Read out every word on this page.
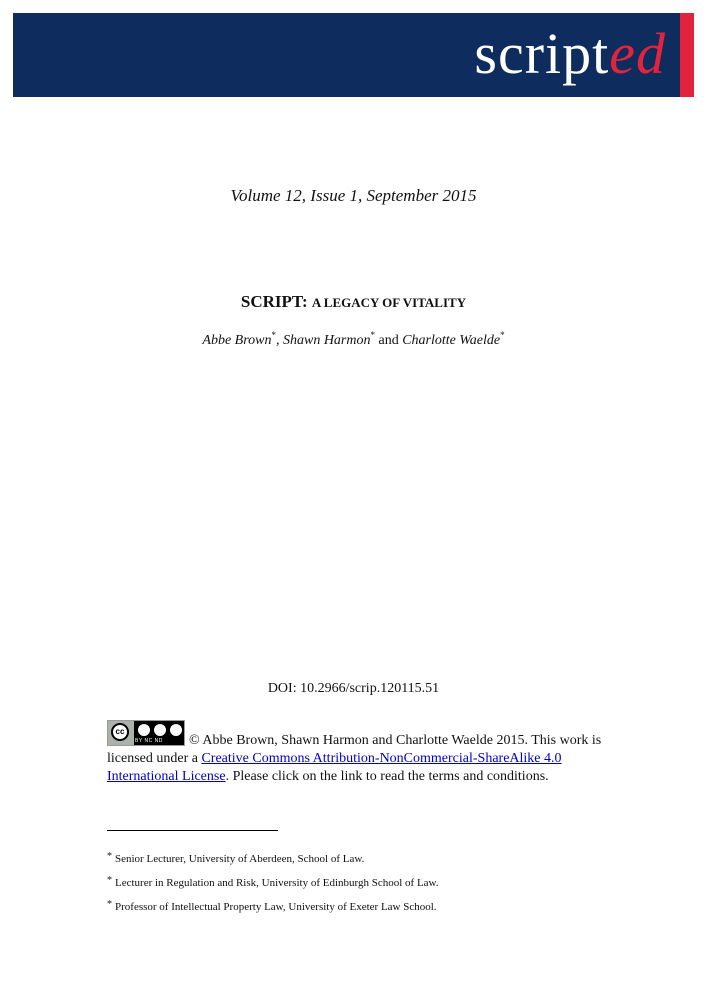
scripted
Volume 12, Issue 1, September 2015
SCRIPT: A LEGACY OF VITALITY
Abbe Brown*, Shawn Harmon* and Charlotte Waelde*
DOI: 10.2966/scrip.120115.51
cc
BY NC ND	© Abbe Brown, Shawn Harmon and Charlotte Waelde 2015. This work is licensed under a Creative Commons Attribution-NonCommercial-ShareAlike 4.0 International License. Please click on the link to read the terms and conditions.
* Senior Lecturer, University of Aberdeen, School of Law.
* Lecturer in Regulation and Risk, University of Edinburgh School of Law.
* Professor of Intellectual Property Law, University of Exeter Law School.
